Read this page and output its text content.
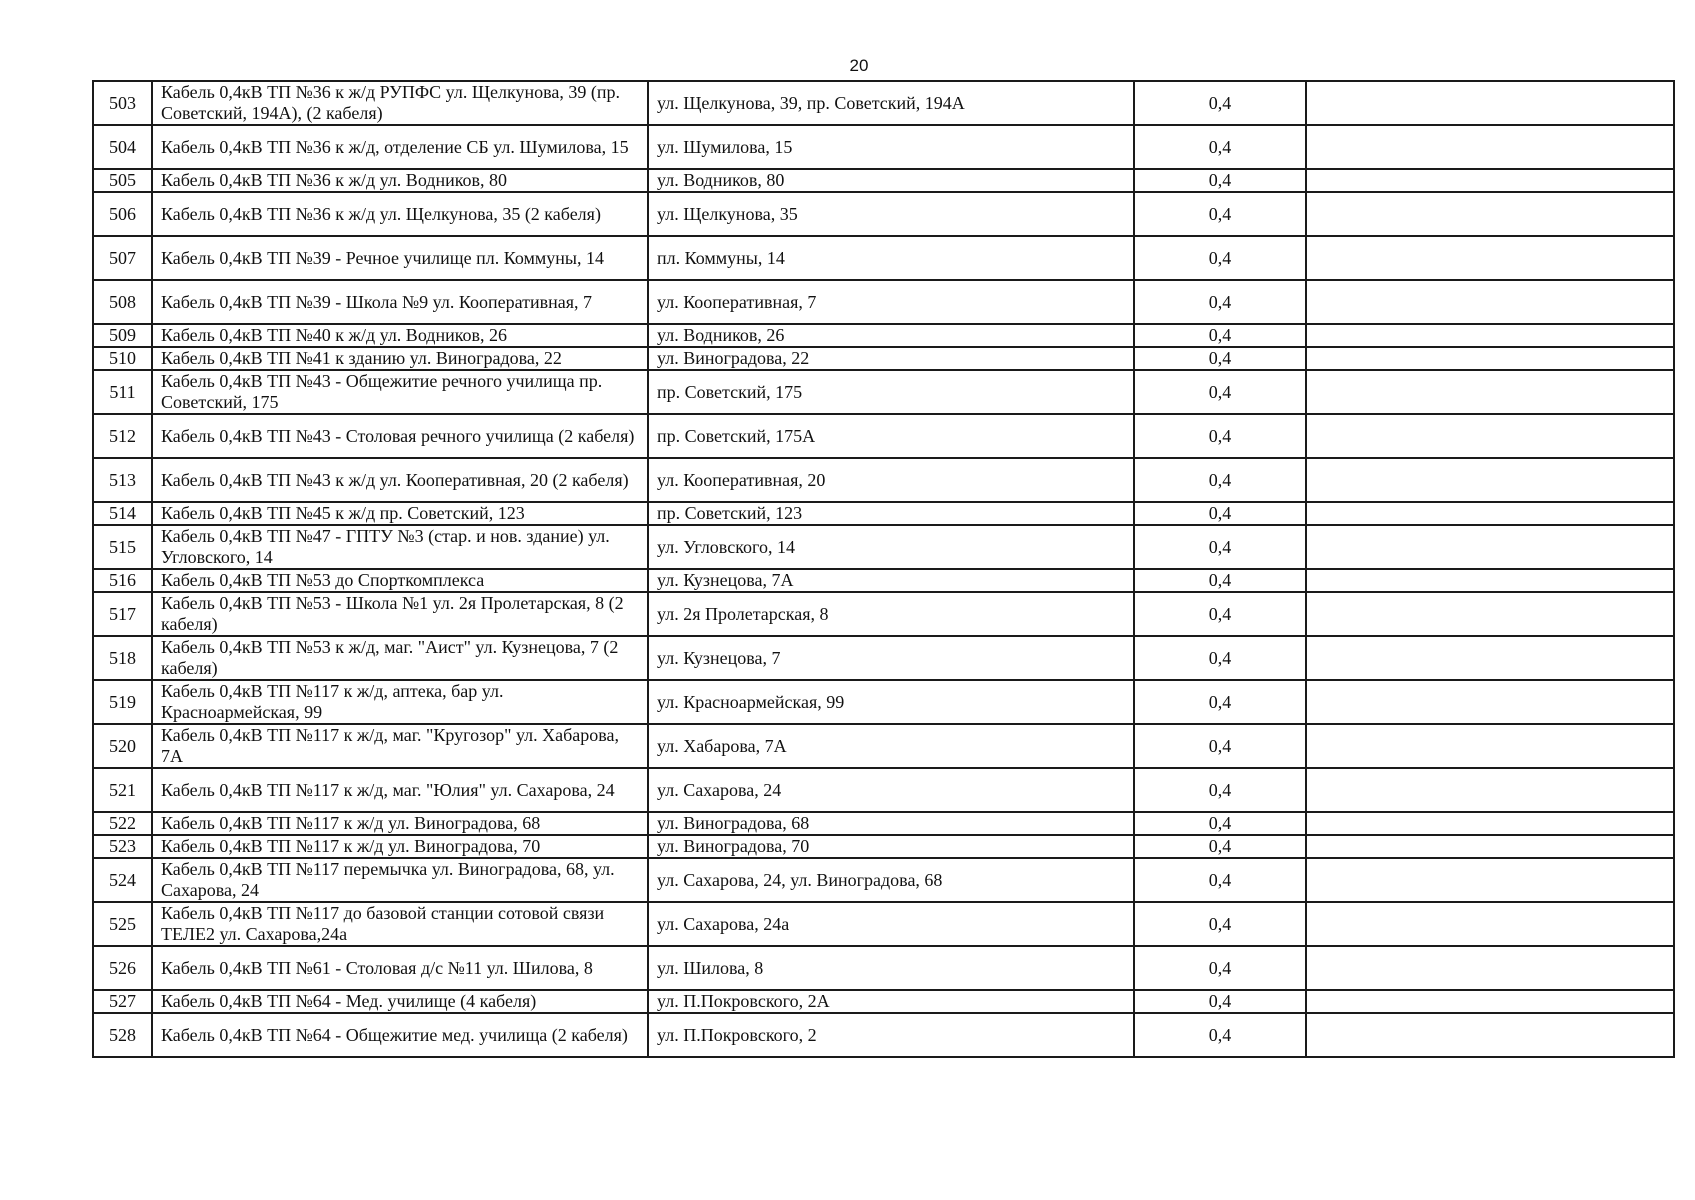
20
503	Кабель 0,4кВ ТП №36 к ж/д РУПФС ул. Щелкунова, 39 (пр. Советский, 194А), (2 кабеля)	ул. Щелкунова, 39, пр. Советский, 194А	0,4	
504	Кабель 0,4кВ ТП №36 к ж/д, отделение СБ ул. Шумилова, 15	ул. Шумилова, 15	0,4	
505	Кабель 0,4кВ ТП №36 к ж/д ул. Водников, 80	ул. Водников, 80	0,4	
506	Кабель 0,4кВ ТП №36 к ж/д ул. Щелкунова, 35 (2 кабеля)	ул. Щелкунова, 35	0,4	
507	Кабель 0,4кВ ТП №39 - Речное училище пл. Коммуны, 14	пл. Коммуны, 14	0,4	
508	Кабель 0,4кВ ТП №39 - Школа №9 ул. Кооперативная, 7	ул. Кооперативная, 7	0,4	
509	Кабель 0,4кВ ТП №40 к ж/д ул. Водников, 26	ул. Водников, 26	0,4	
510	Кабель 0,4кВ ТП №41 к зданию ул. Виноградова, 22	ул. Виноградова, 22	0,4	
511	Кабель 0,4кВ ТП №43 - Общежитие речного училища пр. Советский, 175	пр. Советский, 175	0,4	
512	Кабель 0,4кВ ТП №43 - Столовая речного училища (2 кабеля)	пр. Советский, 175А	0,4	
513	Кабель 0,4кВ ТП №43 к ж/д ул. Кооперативная, 20 (2 кабеля)	ул. Кооперативная, 20	0,4	
514	Кабель 0,4кВ ТП №45 к ж/д пр. Советский, 123	пр. Советский, 123	0,4	
515	Кабель 0,4кВ ТП №47 - ГПТУ №3 (стар. и нов. здание) ул. Угловского, 14	ул. Угловского, 14	0,4	
516	Кабель 0,4кВ ТП №53 до Спорткомплекса	ул. Кузнецова, 7А	0,4	
517	Кабель 0,4кВ ТП №53 - Школа №1 ул. 2я Пролетарская, 8 (2 кабеля)	ул. 2я Пролетарская, 8	0,4	
518	Кабель 0,4кВ ТП №53 к ж/д, маг. "Аист" ул. Кузнецова, 7 (2 кабеля)	ул. Кузнецова, 7	0,4	
519	Кабель 0,4кВ ТП №117 к ж/д, аптека, бар ул. Красноармейская, 99	ул. Красноармейская, 99	0,4	
520	Кабель 0,4кВ ТП №117 к ж/д, маг. "Кругозор" ул. Хабарова, 7А	ул. Хабарова, 7А	0,4	
521	Кабель 0,4кВ ТП №117 к ж/д, маг. "Юлия" ул. Сахарова, 24	ул. Сахарова, 24	0,4	
522	Кабель 0,4кВ ТП №117 к ж/д ул. Виноградова, 68	ул. Виноградова, 68	0,4	
523	Кабель 0,4кВ ТП №117 к ж/д ул. Виноградова, 70	ул. Виноградова, 70	0,4	
524	Кабель 0,4кВ ТП №117 перемычка ул. Виноградова, 68, ул. Сахарова, 24	ул. Сахарова, 24, ул. Виноградова, 68	0,4	
525	Кабель 0,4кВ ТП №117 до базовой станции сотовой связи ТЕЛЕ2 ул. Сахарова,24а	ул. Сахарова, 24а	0,4	
526	Кабель 0,4кВ ТП №61 - Столовая д/с №11 ул. Шилова, 8	ул. Шилова, 8	0,4	
527	Кабель 0,4кВ ТП №64 - Мед. училище (4 кабеля)	ул. П.Покровского, 2А	0,4	
528	Кабель 0,4кВ ТП №64 - Общежитие мед. училища (2 кабеля)	ул. П.Покровского, 2	0,4	
